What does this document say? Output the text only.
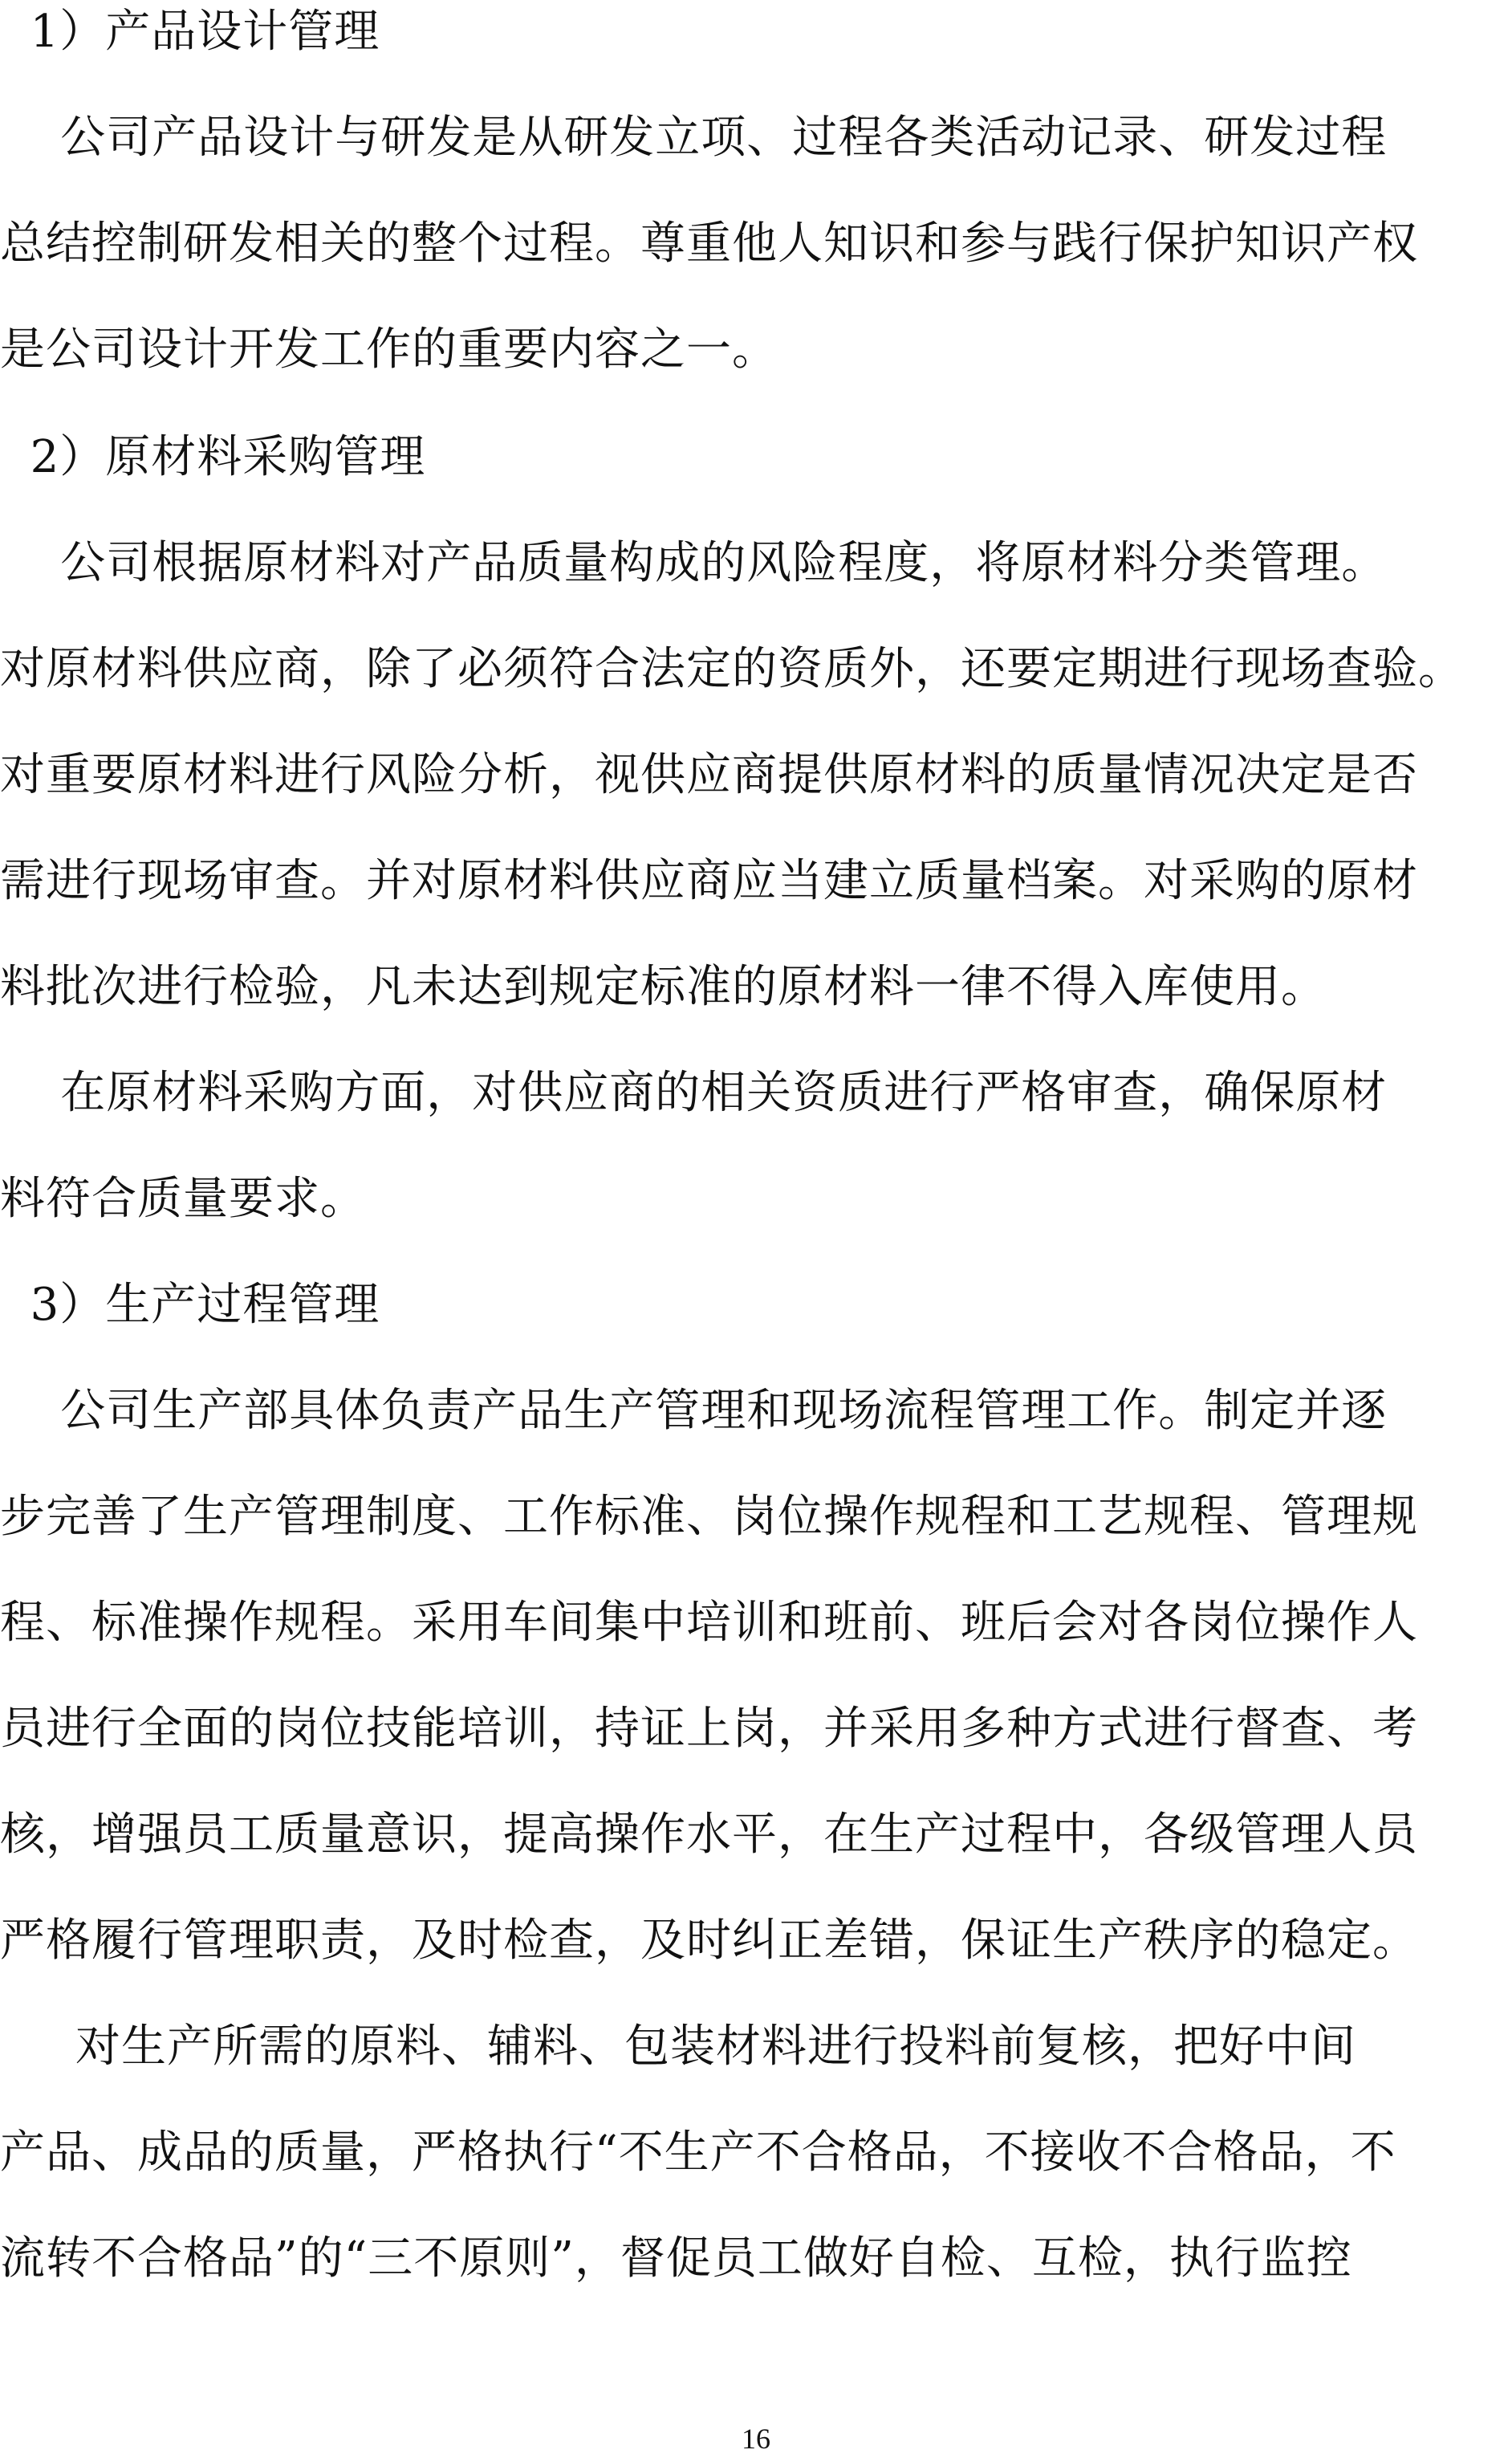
1）产品设计管理
公司产品设计与研发是从研发立项、过程各类活动记录、研发过程
总结控制研发相关的整个过程。尊重他人知识和参与践行保护知识产权
是公司设计开发工作的重要内容之一。
2）原材料采购管理
公司根据原材料对产品质量构成的风险程度，将原材料分类管理。
对原材料供应商，除了必须符合法定的资质外，还要定期进行现场查验。
对重要原材料进行风险分析，视供应商提供原材料的质量情况决定是否
需进行现场审查。并对原材料供应商应当建立质量档案。对采购的原材
料批次进行检验，凡未达到规定标准的原材料一律不得入库使用。
在原材料采购方面，对供应商的相关资质进行严格审查，确保原材
料符合质量要求。
3）生产过程管理
公司生产部具体负责产品生产管理和现场流程管理工作。制定并逐
步完善了生产管理制度、工作标准、岗位操作规程和工艺规程、管理规
程、标准操作规程。采用车间集中培训和班前、班后会对各岗位操作人
员进行全面的岗位技能培训，持证上岗，并采用多种方式进行督查、考
核，增强员工质量意识，提高操作水平，在生产过程中，各级管理人员
严格履行管理职责，及时检查，及时纠正差错，保证生产秩序的稳定。
对生产所需的原料、辅料、包装材料进行投料前复核，把好中间
产品、成品的质量，严格执行“不生产不合格品，不接收不合格品，不
流转不合格品”的“三不原则”，督促员工做好自检、互检，执行监控
16
